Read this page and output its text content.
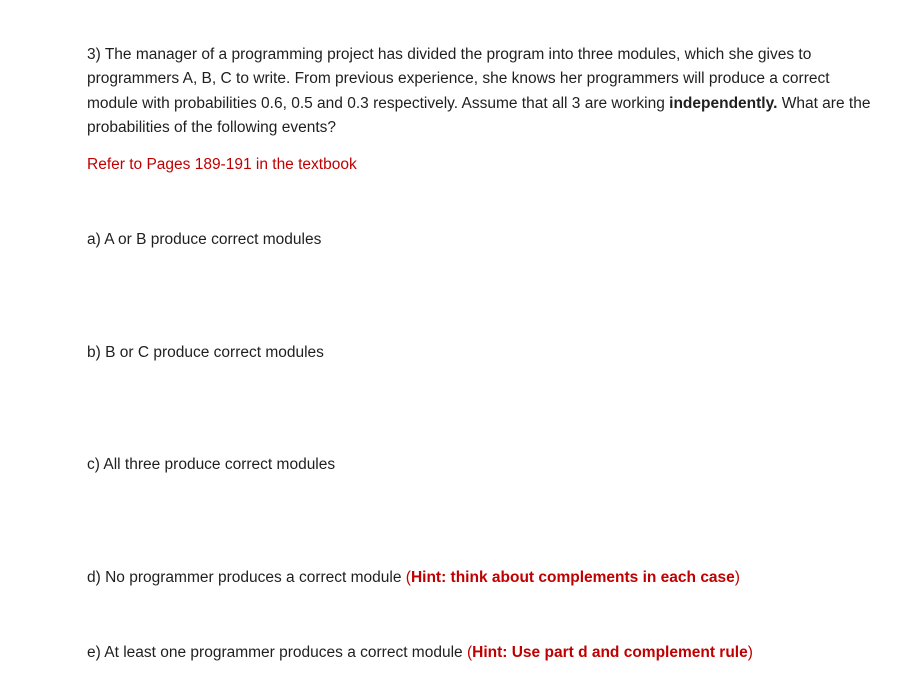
3) The manager of a programming project has divided the program into three modules, which she gives to programmers A, B, C to write. From previous experience, she knows her programmers will produce a correct module with probabilities 0.6, 0.5 and 0.3 respectively. Assume that all 3 are working independently. What are the probabilities of the following events?

Refer to Pages 189-191 in the textbook
a) A or B produce correct modules
b) B or C produce correct modules
c) All three produce correct modules
d) No programmer produces a correct module (Hint: think about complements in each case)
e) At least one programmer produces a correct module (Hint: Use part d and complement rule)
